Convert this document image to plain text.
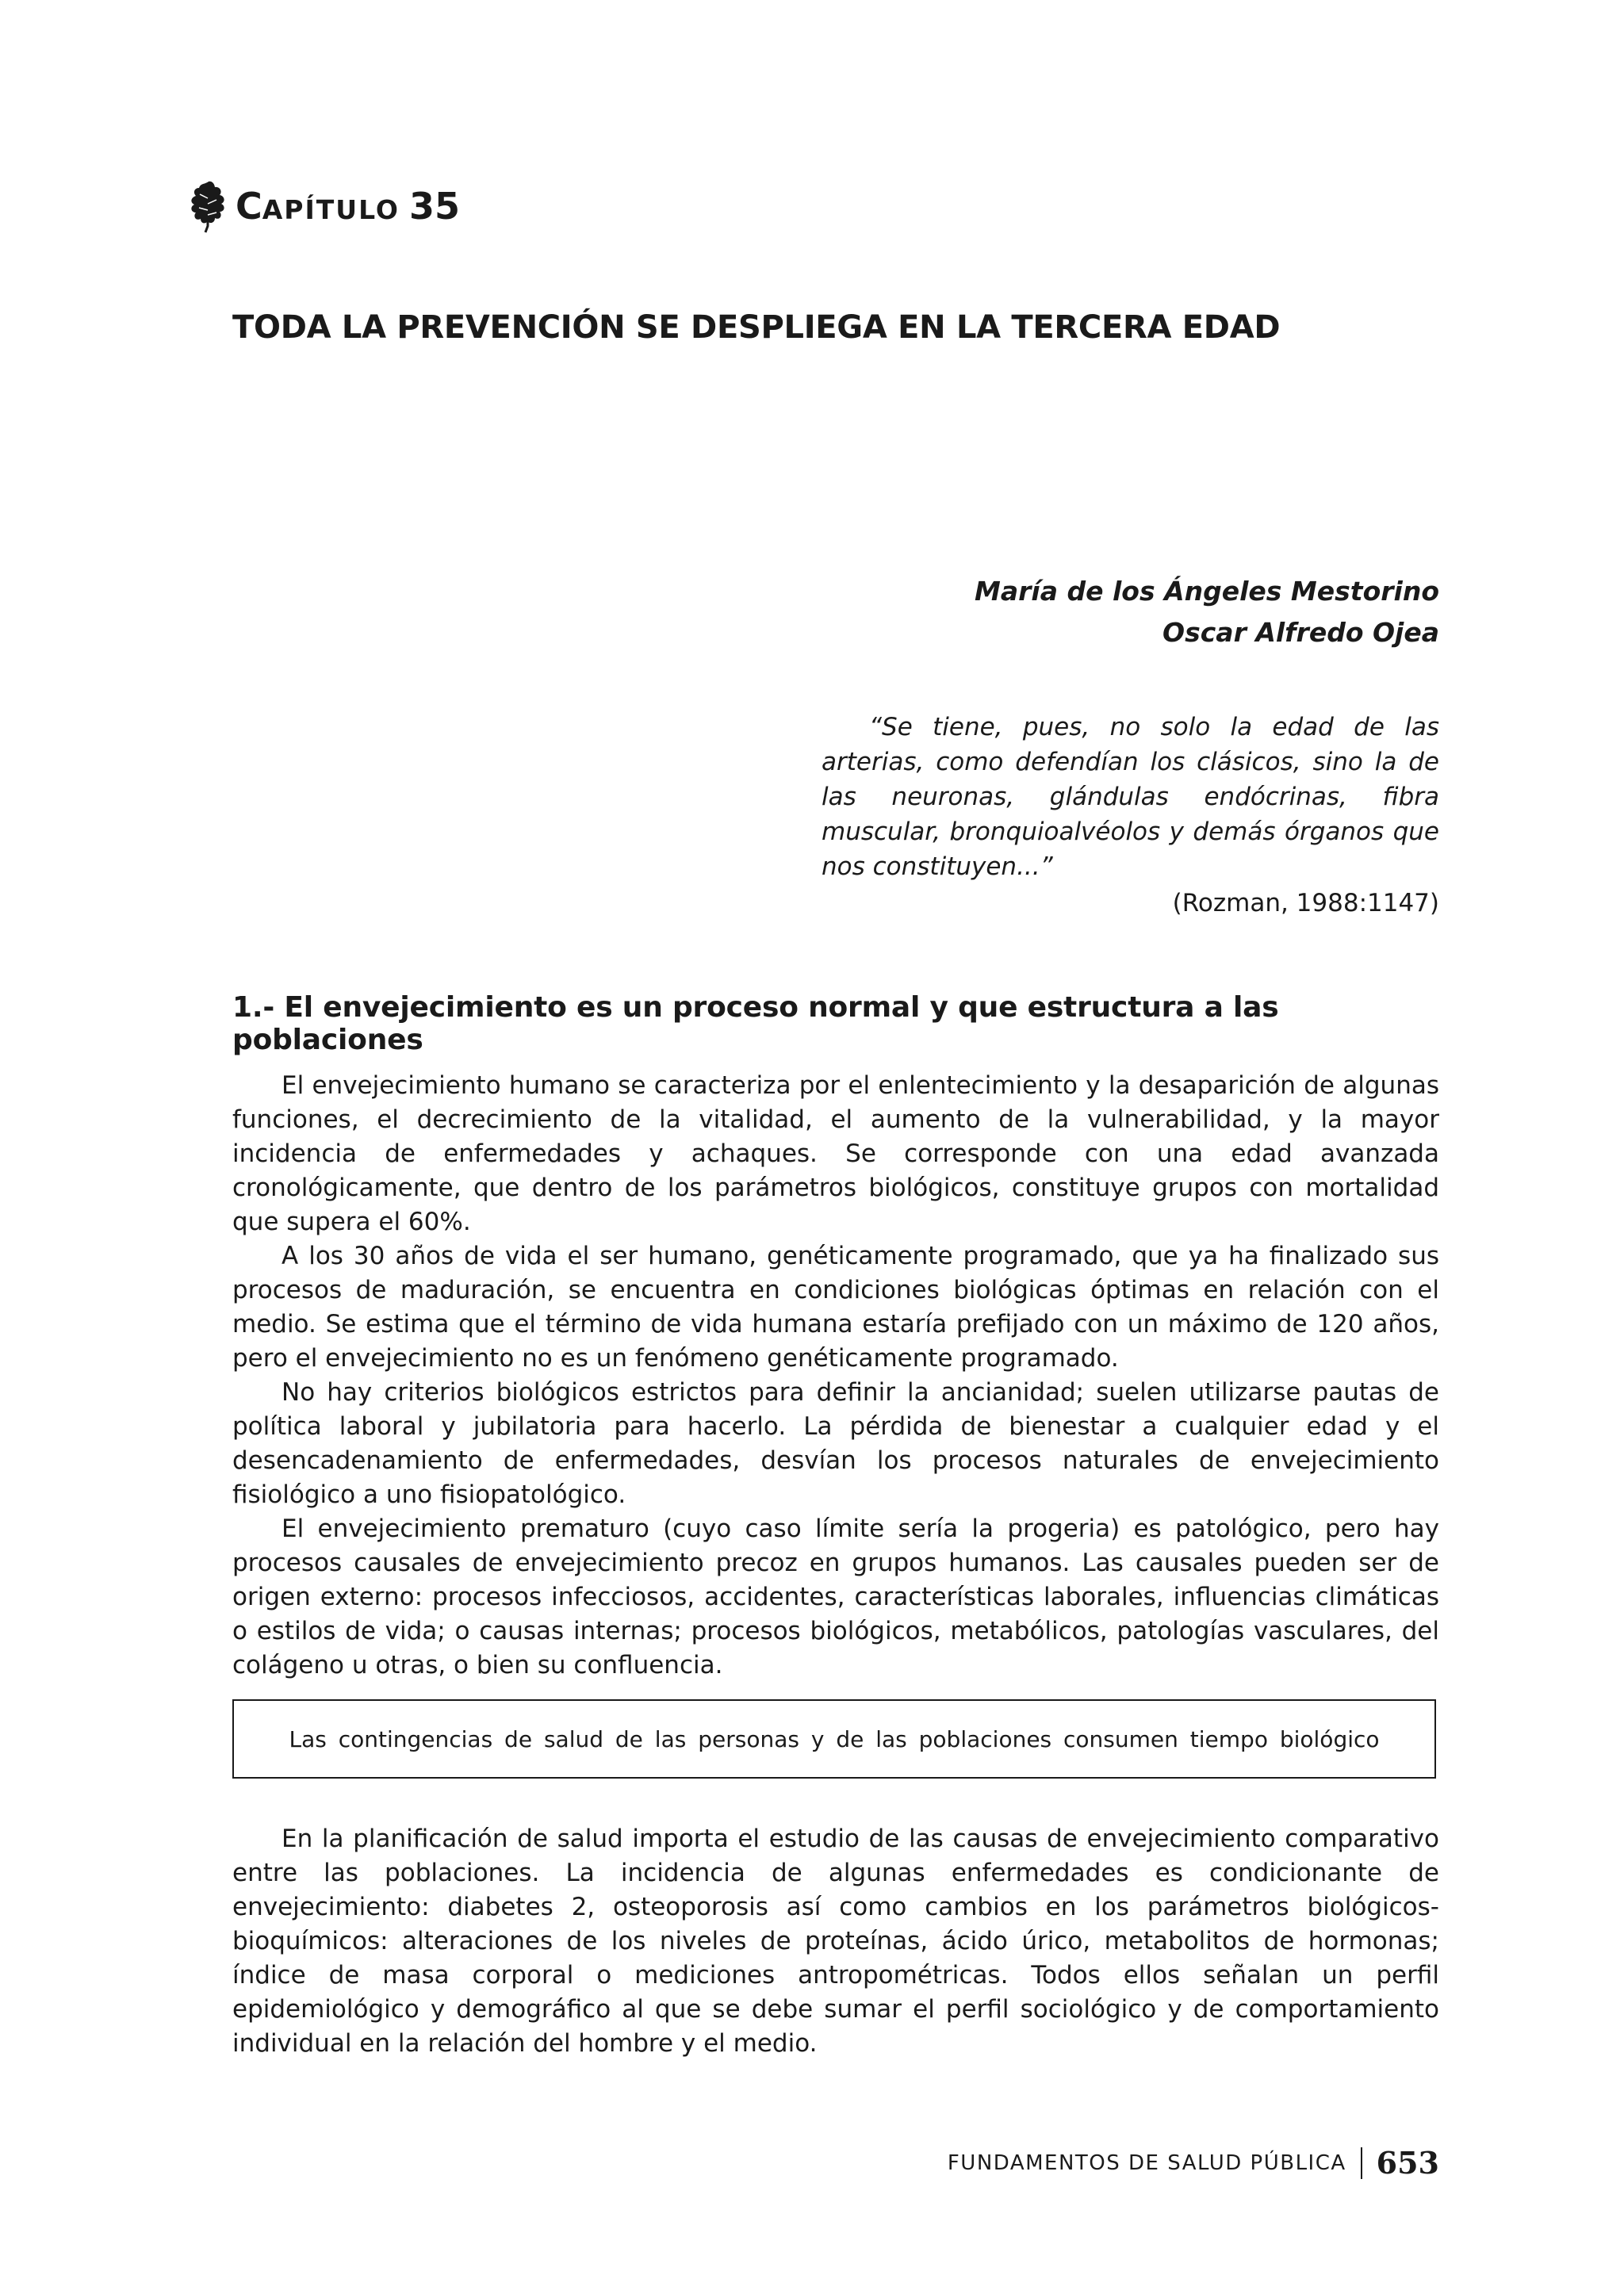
CAPÍTULO 35
TODA LA PREVENCIÓN SE DESPLIEGA EN LA TERCERA EDAD
María de los Ángeles Mestorino
Oscar Alfredo Ojea

“Se tiene, pues, no solo la edad de las arterias, como defendían los clásicos, sino la de las neuronas, glándulas endócrinas, fibra muscular, bronquioalvéolos y demás órganos que nos constituyen...”

(Rozman, 1988:1147)
1.- El envejecimiento es un proceso normal y que estructura a las poblaciones

El envejecimiento humano se caracteriza por el enlentecimiento y la desaparición de algunas funciones, el decrecimiento de la vitalidad, el aumento de la vulnerabilidad, y la mayor incidencia de enfermedades y achaques. Se corresponde con una edad avanzada cronológicamente, que dentro de los parámetros biológicos, constituye grupos con mortalidad que supera el 60%.

A los 30 años de vida el ser humano, genéticamente programado, que ya ha finalizado sus procesos de maduración, se encuentra en condiciones biológicas óptimas en relación con el medio. Se estima que el término de vida humana estaría prefijado con un máximo de 120 años, pero el envejecimiento no es un fenómeno genéticamente programado.

No hay criterios biológicos estrictos para definir la ancianidad; suelen utilizarse pautas de política laboral y jubilatoria para hacerlo. La pérdida de bienestar a cualquier edad y el desencadenamiento de enfermedades, desvían los procesos naturales de envejecimiento fisiológico a uno fisiopatológico.

El envejecimiento prematuro (cuyo caso límite sería la progeria) es patológico, pero hay procesos causales de envejecimiento precoz en grupos humanos. Las causales pueden ser de origen externo: procesos infecciosos, accidentes, características laborales, influencias climáticas o estilos de vida; o causas internas; procesos biológicos, metabólicos, patologías vasculares, del colágeno u otras, o bien su confluencia.

Las contingencias de salud de las personas y de las poblaciones consumen tiempo biológico

En la planificación de salud importa el estudio de las causas de envejecimiento comparativo entre las poblaciones. La incidencia de algunas enfermedades es condicionante de envejecimiento: diabetes 2, osteoporosis así como cambios en los parámetros biológicos- bioquímicos: alteraciones de los niveles de proteínas, ácido úrico, metabolitos de hormonas; índice de masa corporal o mediciones antropométricas. Todos ellos señalan un perfil epidemiológico y demográfico al que se debe sumar el perfil sociológico y de comportamiento individual en la relación del hombre y el medio.

FUNDAMENTOS DE SALUD PÚBLICA 653
